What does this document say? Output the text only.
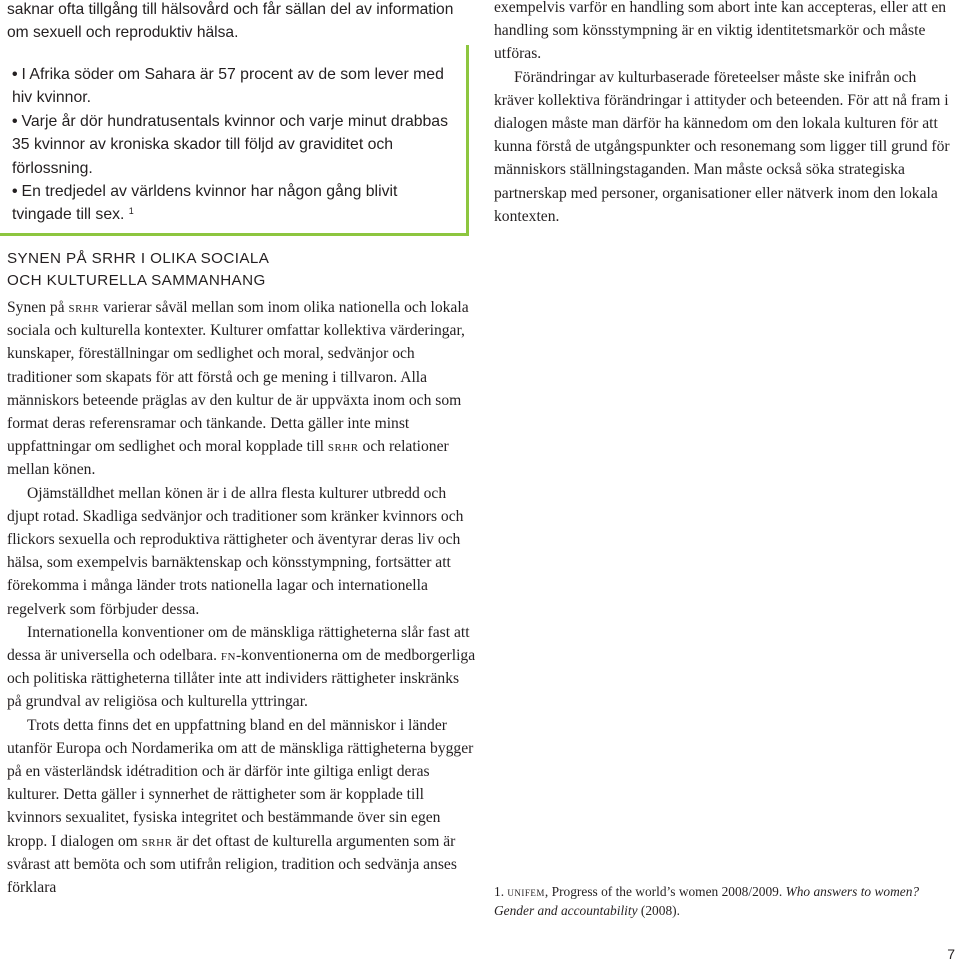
saknar ofta tillgång till hälsovård och får sällan del av information om sexuell och reproduktiv hälsa.
• I Afrika söder om Sahara är 57 procent av de som lever med hiv kvinnor.
• Varje år dör hundratusentals kvinnor och varje minut drabbas 35 kvinnor av kroniska skador till följd av graviditet och förlossning.
• En tredjedel av världens kvinnor har någon gång blivit tvingade till sex. $^1$
SYNEN PÅ SRHR I OLIKA SOCIALA
OCH KULTURELLA SAMMANHANG

Synen på srhr varierar såväl mellan som inom olika nationella och lokala sociala och kulturella kontexter. Kulturer omfattar kollektiva värderingar, kunskaper, föreställningar om sedlighet och moral, sedvänjor och traditioner som skapats för att förstå och ge mening i tillvaron. Alla människors beteende präglas av den kultur de är uppväxta inom och som format deras referensramar och tänkande. Detta gäller inte minst uppfattningar om sedlighet och moral kopplade till srhr och relationer mellan könen.

Ojämställdhet mellan könen är i de allra flesta kulturer utbredd och djupt rotad. Skadliga sedvänjor och traditioner som kränker kvinnors och flickors sexuella och reproduktiva rättigheter och äventyrar deras liv och hälsa, som exempelvis barnäktenskap och könsstympning, fortsätter att förekomma i många länder trots nationella lagar och internationella regelverk som förbjuder dessa.

Internationella konventioner om de mänskliga rättigheterna slår fast att dessa är universella och odelbara. fn-konventionerna om de medborgerliga och politiska rättigheterna tillåter inte att individers rättigheter inskränks på grundval av religiösa och kulturella yttringar.

Trots detta finns det en uppfattning bland en del människor i länder utanför Europa och Nordamerika om att de mänskliga rättigheterna bygger på en västerländsk idétradition och är därför inte giltiga enligt deras kulturer. Detta gäller i synnerhet de rättigheter som är kopplade till kvinnors sexualitet, fysiska integritet och bestämmande över sin egen kropp. I dialogen om srhr är det oftast de kulturella argumenten som är svårast att bemöta och som utifrån religion, tradition och sedvänja anses förklara

exempelvis varför en handling som abort inte kan accepteras, eller att en handling som könsstympning är en viktig identitetsmarkör och måste utföras.

Förändringar av kulturbaserade företeelser måste ske inifrån och kräver kollektiva förändringar i attityder och beteenden. För att nå fram i dialogen måste man därför ha kännedom om den lokala kulturen för att kunna förstå de utgångspunkter och resonemang som ligger till grund för människors ställningstaganden. Man måste också söka strategiska partnerskap med personer, organisationer eller nätverk inom den lokala kontexten.

1. unifem, Progress of the world’s women 2008/2009. Who answers to women? Gender and accountability (2008).

7
